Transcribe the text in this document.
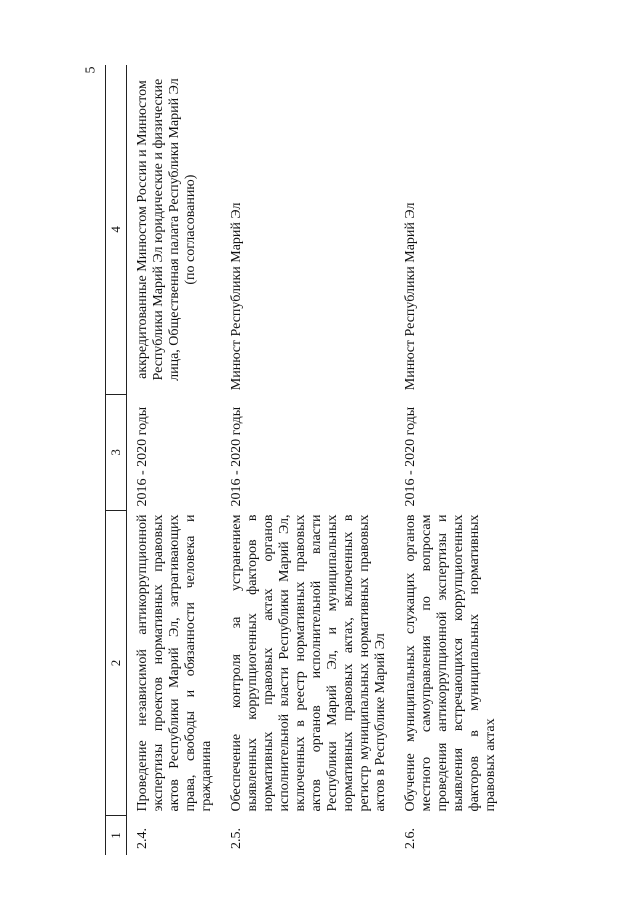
5
1	2	3	4
2.4.	Проведение независимой антикоррупционной экспертизы проектов нормативных правовых актов Республики Марий Эл, затрагивающих права, свободы и обязанности человека и гражданина	2016 - 2020 годы	аккредитованные Минюстом России и Минюстом Республики Марий Эл юридические и физические лица, Общественная палата Республики Марий Эл (по согласованию)
2.5.	Обеспечение контроля за устранением выявленных коррупциогенных факторов в нормативных правовых актах органов исполнительной власти Республики Марий Эл, включенных в реестр нормативных правовых актов органов исполнительной власти Республики Марий Эл, и муниципальных нормативных правовых актах, включенных в регистр муниципальных нормативных правовых актов в Республике Марий Эл	2016 - 2020 годы	Минюст Республики Марий Эл
2.6.	Обучение муниципальных служащих органов местного самоуправления по вопросам проведения антикоррупционной экспертизы и выявления встречающихся коррупциогенных факторов в муниципальных нормативных правовых актах	2016 - 2020 годы	Минюст Республики Марий Эл
